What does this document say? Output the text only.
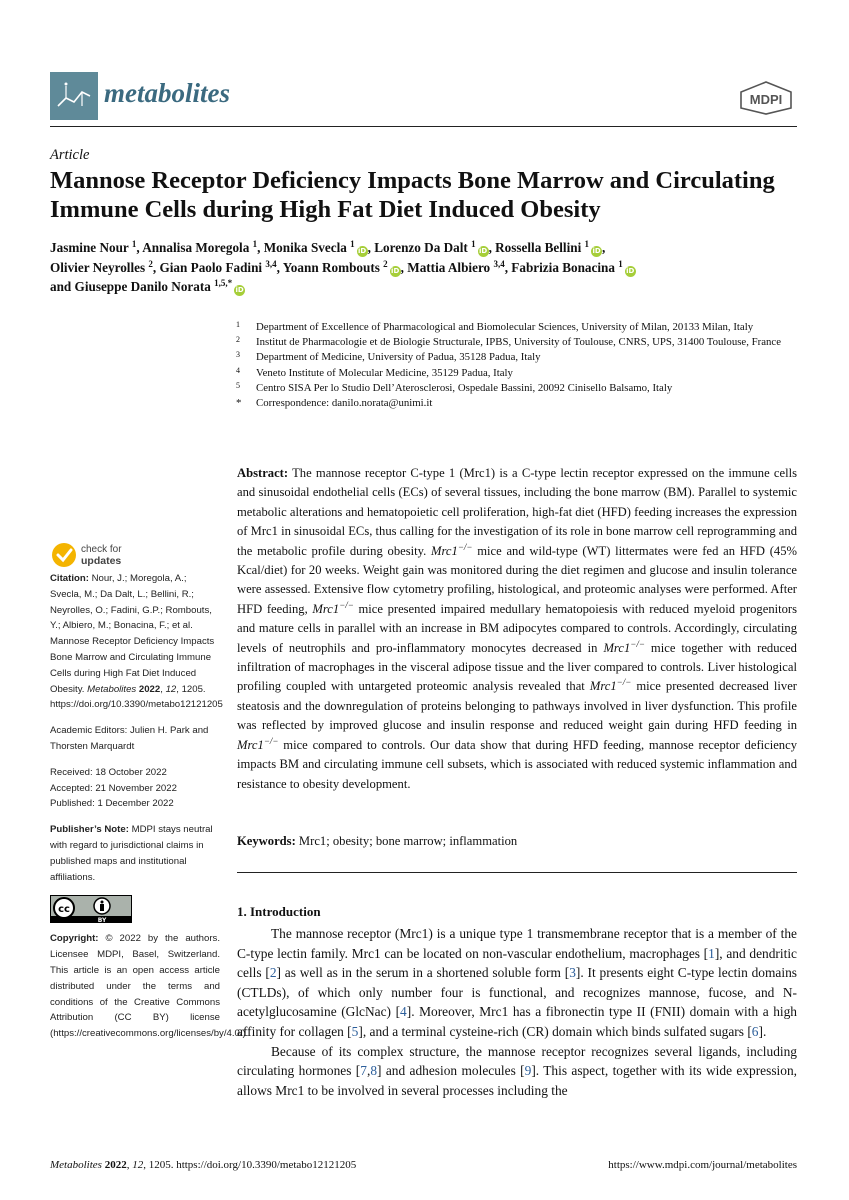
metabolites	MDPI
Article
Mannose Receptor Deficiency Impacts Bone Marrow and Circulating Immune Cells during High Fat Diet Induced Obesity
Jasmine Nour $^1$, Annalisa Moregola $^1$, Monika Svecla $^1$iD, Lorenzo Da Dalt $^1$iD, Rossella Bellini $^1$iD,
Olivier Neyrolles $^2$, Gian Paolo Fadini $^{3,4}$, Yoann Rombouts $^2$iD, Mattia Albiero $^{3,4}$, Fabrizia Bonacina $^1$iD
and Giuseppe Danilo Norata $^{1,5,*}$iD
1	Department of Excellence of Pharmacological and Biomolecular Sciences, University of Milan, 20133 Milan, Italy
2	Institut de Pharmacologie et de Biologie Structurale, IPBS, University of Toulouse, CNRS, UPS, 31400 Toulouse, France
3	Department of Medicine, University of Padua, 35128 Padua, Italy
4	Veneto Institute of Molecular Medicine, 35129 Padua, Italy
5	Centro SISA Per lo Studio Dell’Aterosclerosi, Ospedale Bassini, 20092 Cinisello Balsamo, Italy
*	Correspondence: danilo.norata@unimi.it
Abstract: The mannose receptor C-type 1 (Mrc1) is a C-type lectin receptor expressed on the immune cells and sinusoidal endothelial cells (ECs) of several tissues, including the bone marrow (BM). Parallel to systemic metabolic alterations and hematopoietic cell proliferation, high-fat diet (HFD) feeding increases the expression of Mrc1 in sinusoidal ECs, thus calling for the investigation of its role in bone marrow cell reprogramming and the metabolic profile during obesity. Mrc1−/− mice and wild-type (WT) littermates were fed an HFD (45% Kcal/diet) for 20 weeks. Weight gain was monitored during the diet regimen and glucose and insulin tolerance were assessed. Extensive flow cytometry profiling, histological, and proteomic analyses were performed. After HFD feeding, Mrc1−/− mice presented impaired medullary hematopoiesis with reduced myeloid progenitors and mature cells in parallel with an increase in BM adipocytes compared to controls. Accordingly, circulating levels of neutrophils and pro-inflammatory monocytes decreased in Mrc1−/− mice together with reduced infiltration of macrophages in the visceral adipose tissue and the liver compared to controls. Liver histological profiling coupled with untargeted proteomic analysis revealed that Mrc1−/− mice presented decreased liver steatosis and the downregulation of proteins belonging to pathways involved in liver dysfunction. This profile was reflected by improved glucose and insulin response and reduced weight gain during HFD feeding in Mrc1−/− mice compared to controls. Our data show that during HFD feeding, mannose receptor deficiency impacts BM and circulating immune cell subsets, which is associated with reduced systemic inflammation and resistance to obesity development.
Keywords: Mrc1; obesity; bone marrow; inflammation
1. Introduction

The mannose receptor (Mrc1) is a unique type 1 transmembrane receptor that is a member of the C-type lectin family. Mrc1 can be located on non-vascular endothelium, macrophages [1], and dendritic cells [2] as well as in the serum in a shortened soluble form [3]. It presents eight C-type lectin domains (CTLDs), of which only number four is functional, and recognizes mannose, fucose, and N-acetylglucosamine (GlcNac) [4]. Moreover, Mrc1 has a fibronectin type II (FNII) domain with a high affinity for collagen [5], and a terminal cysteine-rich (CR) domain which binds sulfated sugars [6].

Because of its complex structure, the mannose receptor recognizes several ligands, including circulating hormones [7,8] and adhesion molecules [9]. This aspect, together with its wide expression, allows Mrc1 to be involved in several processes including the

check for
updates
Citation: Nour, J.; Moregola, A.; Svecla, M.; Da Dalt, L.; Bellini, R.; Neyrolles, O.; Fadini, G.P.; Rombouts, Y.; Albiero, M.; Bonacina, F.; et al. Mannose Receptor Deficiency Impacts Bone Marrow and Circulating Immune Cells during High Fat Diet Induced Obesity. Metabolites 2022, 12, 1205. https://doi.org/10.3390/metabo12121205
Academic Editors: Julien H. Park and Thorsten Marquardt
Received: 18 October 2022
Accepted: 21 November 2022
Published: 1 December 2022
Publisher’s Note: MDPI stays neutral with regard to jurisdictional claims in published maps and institutional affiliations.
cc
BY
Copyright: © 2022 by the authors. Licensee MDPI, Basel, Switzerland. This article is an open access article distributed under the terms and conditions of the Creative Commons Attribution (CC BY) license (https://creativecommons.org/licenses/by/4.0/).
Metabolites 2022, 12, 1205. https://doi.org/10.3390/metabo12121205	https://www.mdpi.com/journal/metabolites
